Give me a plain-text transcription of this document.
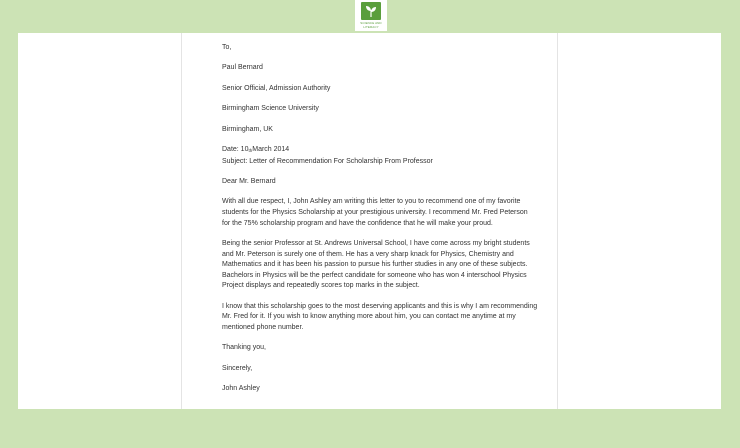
SCIENCE AND
LITERACY

To,

Paul Bernard

Senior Official, Admission Authority

Birmingham Science University

Birmingham, UK

Date: $10_{th}March$ 2014

Subject: Letter of Recommendation For Scholarship From Professor

Dear Mr. Bernard

With all due respect, I, John Ashley am writing this letter to you to recommend one of my favorite
students for the Physics Scholarship at your prestigious university. I recommend Mr. Fred Peterson
for the 75% scholarship program and have the confidence that he will make your proud.

Being the senior Professor at St. Andrews Universal School, I have come across my bright students
and Mr. Peterson is surely one of them. He has a very sharp knack for Physics, Chemistry and
Mathematics and it has been his passion to pursue his further studies in any one of these subjects.
Bachelors in Physics will be the perfect candidate for someone who has won 4 interschool Physics
Project displays and repeatedly scores top marks in the subject.

I know that this scholarship goes to the most deserving applicants and this is why I am recommending
Mr. Fred for it. If you wish to know anything more about him, you can contact me anytime at my
mentioned phone number.

Thanking you,

Sincerely,

John Ashley
